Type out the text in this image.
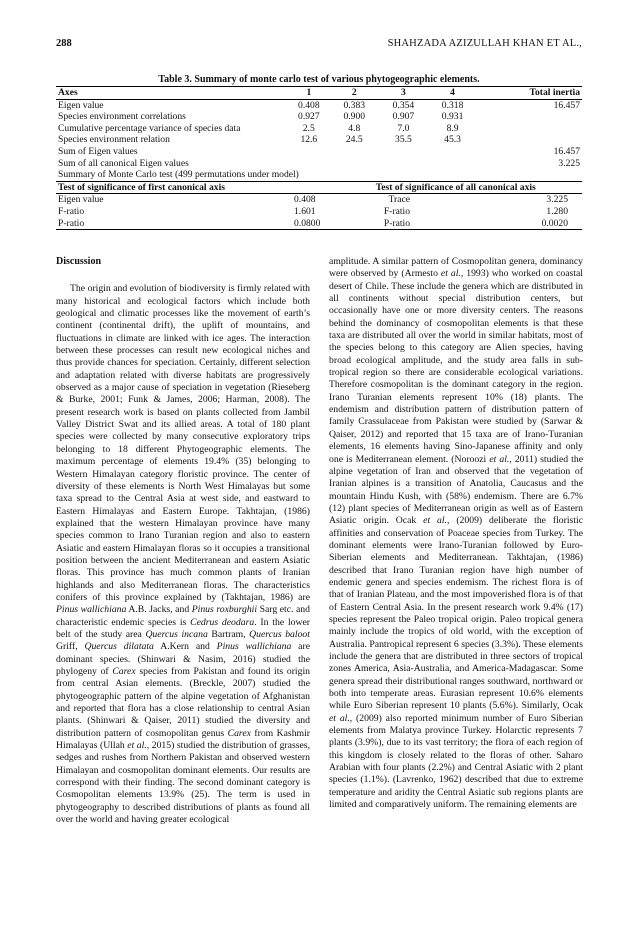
288	SHAHZADA AZIZULLAH KHAN ET AL.,
Table 3. Summary of monte carlo test of various phytogeographic elements.
Axes	1	2	3	4	Total inertia
Eigen value	0.408	0.383	0.354	0.318	16.457
Species environment correlations	0.927	0.900	0.907	0.931	
Cumulative percentage variance of species data	2.5	4.8	7.0	8.9	
Species environment relation	12.6	24.5	35.5	45.3	
Sum of Eigen values					16.457
Sum of all canonical Eigen values					3.225
Summary of Monte Carlo test (499 permutations under model)					
Test of significance of first canonical axis		Test of significance of all canonical axis			
Eigen value	0.408	Trace		3.225	
F-ratio	1.601	F-ratio		1.280	
P-ratio	0.0800	P-ratio		0.0020	
Discussion

The origin and evolution of biodiversity is firmly related with many historical and ecological factors which include both geological and climatic processes like the movement of earth’s continent (continental drift), the uplift of mountains, and fluctuations in climate are linked with ice ages. The interaction between these processes can result new ecological niches and thus provide chances for speciation. Certainly, different selection and adaptation related with diverse habitats are progressively observed as a major cause of speciation in vegetation (Rieseberg & Burke, 2001; Funk & James, 2006; Harman, 2008). The present research work is based on plants collected from Jambil Valley District Swat and its allied areas. A total of 180 plant species were collected by many consecutive exploratory trips belonging to 18 different Phytogeographic elements. The maximum percentage of elements 19.4% (35) belonging to Western Himalayan category floristic province. The center of diversity of these elements is North West Himalayas but some taxa spread to the Central Asia at west side, and eastward to Eastern Himalayas and Eastern Europe. Takhtajan, (1986) explained that the western Himalayan province have many species common to Irano Turanian region and also to eastern Asiatic and eastern Himalayan floras so it occupies a transitional position between the ancient Mediterranean and eastern Asiatic floras. This province has much common plants of Iranian highlands and also Mediterranean floras. The characteristics conifers of this province explained by (Takhtajan, 1986) are Pinus wallichiana A.B. Jacks, and Pinus roxburghii Sarg etc. and characteristic endemic species is Cedrus deodara. In the lower belt of the study area Quercus incana Bartram, Quercus baloot Griff, Quercus dilatata A.Kern and Pinus wallichiana are dominant species. (Shinwari & Nasim, 2016) studied the phylogeny of Carex species from Pakistan and found its origin from central Asian elements. (Breckle, 2007) studied the phytogeographic pattern of the alpine vegetation of Afghanistan and reported that flora has a close relationship to central Asian plants. (Shinwari & Qaiser, 2011) studied the diversity and distribution pattern of cosmopolitan genus Carex from Kashmir Himalayas (Ullah et al., 2015) studied the distribution of grasses, sedges and rushes from Northern Pakistan and observed western Himalayan and cosmopolitan dominant elements. Our results are correspond with their finding. The second dominant category is Cosmopolitan elements 13.9% (25). The term is used in phytogeography to described distributions of plants as found all over the world and having greater ecological

amplitude. A similar pattern of Cosmopolitan genera, dominancy were observed by (Armesto et al., 1993) who worked on coastal desert of Chile. These include the genera which are distributed in all continents without special distribution centers, but occasionally have one or more diversity centers. The reasons behind the dominancy of cosmopolitan elements is that these taxa are distributed all over the world in similar habitats, most of the species belong to this category are Alien species, having broad ecological amplitude, and the study area falls in sub-tropical region so there are considerable ecological variations. Therefore cosmopolitan is the dominant category in the region. Irano Turanian elements represent 10% (18) plants. The endemism and distribution pattern of distribution pattern of family Crassulaceae from Pakistan were studied by (Sarwar & Qaiser, 2012) and reported that 15 taxa are of Irano-Turanian elements, 16 elements having Sino-Japanese affinity and only one is Mediterranean element. (Noroozi et al., 2011) studied the alpine vegetation of Iran and observed that the vegetation of Iranian alpines is a transition of Anatolia, Caucasus and the mountain Hindu Kush, with (58%) endemism. There are 6.7% (12) plant species of Mediterranean origin as well as of Eastern Asiatic origin. Ocak et al., (2009) deliberate the floristic affinities and conservation of Poaceae species from Turkey. The dominant elements were Irano-Turanian followed by Euro-Siberian elements and Mediterranean. Takhtajan, (1986) described that Irano Turanian region have high number of endemic genera and species endemism. The richest flora is of that of Iranian Plateau, and the most impoverished flora is of that of Eastern Central Asia. In the present research work 9.4% (17) species represent the Paleo tropical origin. Paleo tropical genera mainly include the tropics of old world, with the exception of Australia. Pantropical represent 6 species (3.3%). These elements include the genera that are distributed in three sectors of tropical zones America, Asia-Australia, and America-Madagascar. Some genera spread their distributional ranges southward, northward or both into temperate areas. Eurasian represent 10.6% elements while Euro Siberian represent 10 plants (5.6%). Similarly, Ocak et al., (2009) also reported minimum number of Euro Siberian elements from Malatya province Turkey. Holarctic represents 7 plants (3.9%), due to its vast territory; the flora of each region of this kingdom is closely related to the floras of other. Saharo Arabian with four plants (2.2%) and Central Asiatic with 2 plant species (1.1%). (Lavrenko, 1962) described that due to extreme temperature and aridity the Central Asiatic sub regions plants are limited and comparatively uniform. The remaining elements are
